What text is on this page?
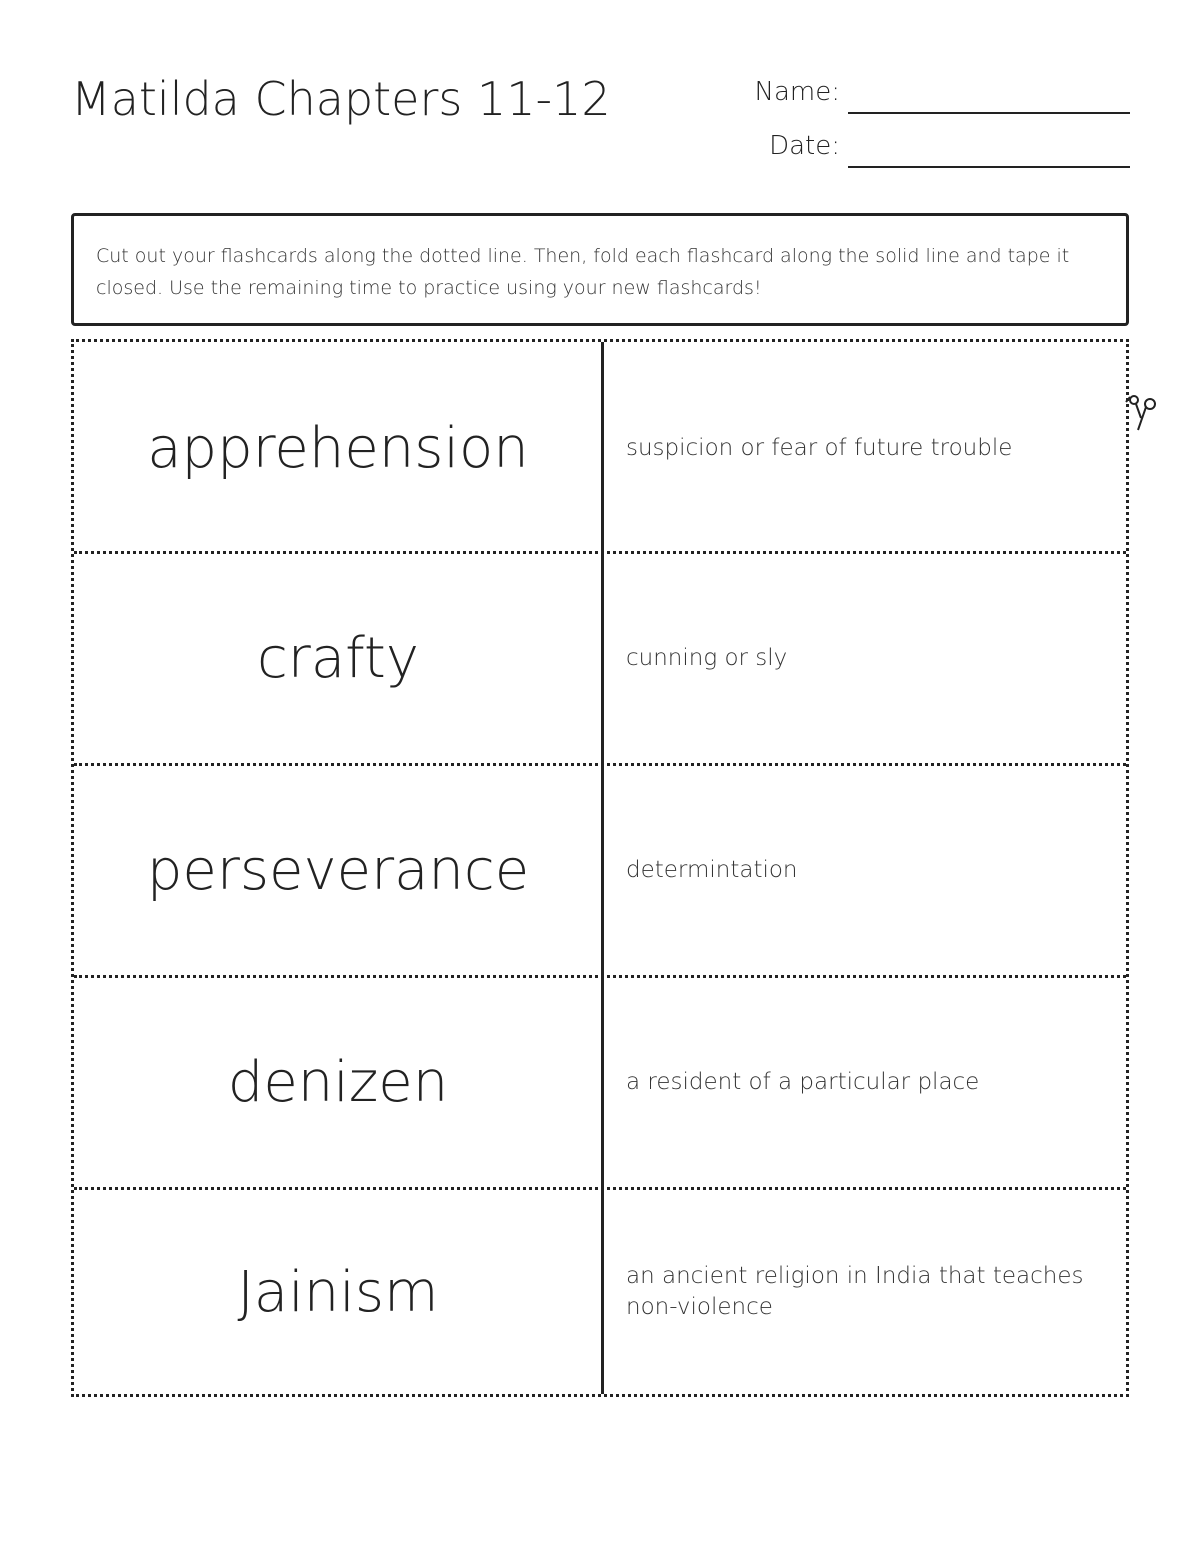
Matilda Chapters 11-12	Name:
Date:
Cut out your flashcards along the dotted line. Then, fold each flashcard along the solid line and tape it closed. Use the remaining time to practice using your new flashcards!
apprehension	suspicion or fear of future trouble
crafty	cunning or sly
perseverance	determintation
denizen	a resident of a particular place
Jainism	an ancient religion in India that teaches non-violence
